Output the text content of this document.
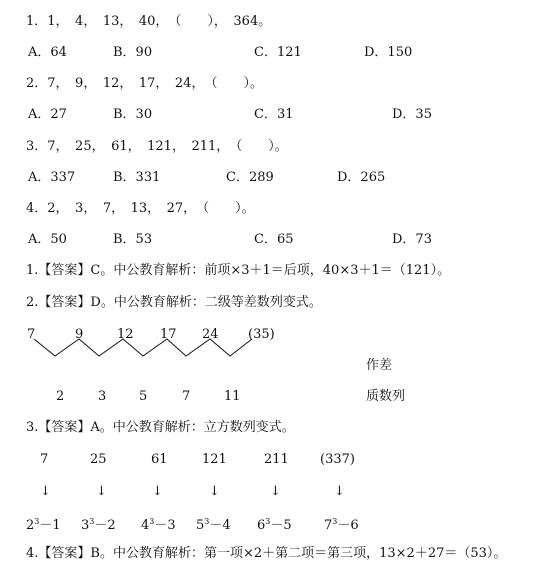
1．1，　4，　13，　40，　（　　），　364。
A．64	B．90	C．121	D．150
2．7，　9，　12，　17，　24，　（　　）。
A．27	B．30	C．31	D．35
3．7，　25，　61，　121，　211，　（　　）。
A．337	B．331	C．289	D．265
4．2，　3，　7，　13，　27，　（　　）。
A．50	B．53	C．65	D．73
1.【答案】C。中公教育解析：前项×3＋1＝后项，40×3＋1＝（121）。
2.【答案】D。中公教育解析：二级等差数列变式。
7	9	12 17 24 (35)
作差
2	3	5	7	11	质数列
3.【答案】A。中公教育解析：立方数列变式。
7	25	61	121	211 (337)
↓	↓	↓	↓	↓	↓
$2^3-1$ $3^3-2$ $4^3-3$ $5^3-4$ $6^3-5$ $7^3-6$
4.【答案】B。中公教育解析：第一项×2＋第二项＝第三项，13×2＋27＝（53）。
